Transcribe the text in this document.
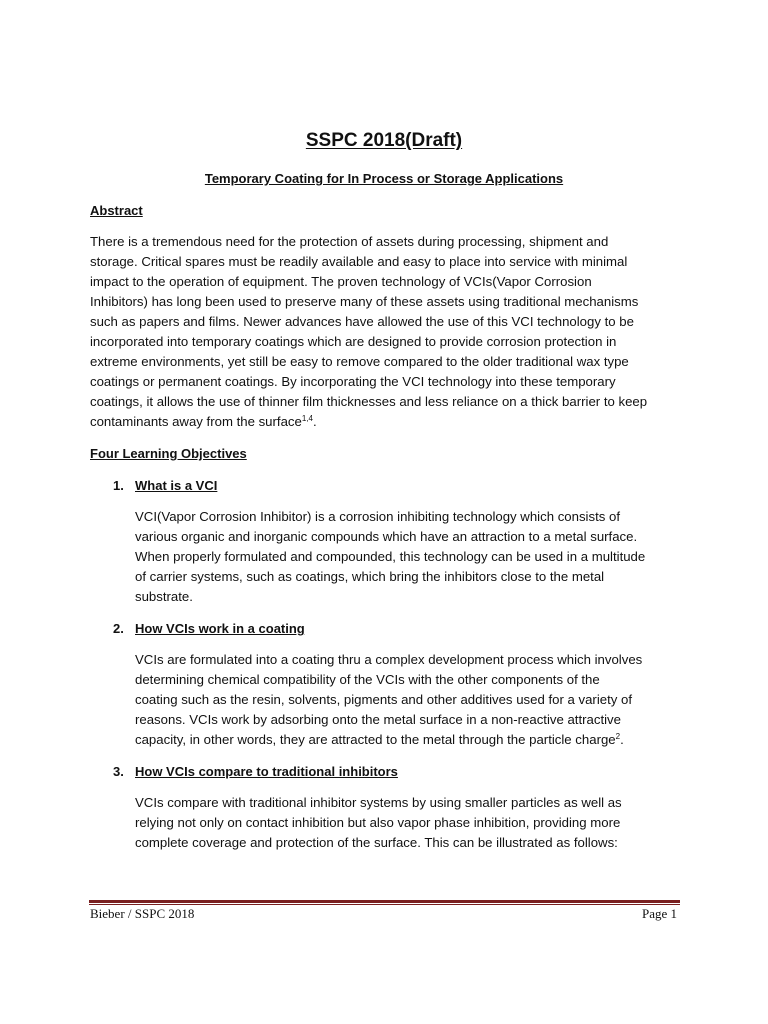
SSPC 2018(Draft)
Temporary Coating for In Process or Storage Applications
Abstract
There is a tremendous need for the protection of assets during processing, shipment and
storage. Critical spares must be readily available and easy to place into service with minimal
impact to the operation of equipment. The proven technology of VCIs(Vapor Corrosion
Inhibitors) has long been used to preserve many of these assets using traditional mechanisms
such as papers and films. Newer advances have allowed the use of this VCI technology to be
incorporated into temporary coatings which are designed to provide corrosion protection in
extreme environments, yet still be easy to remove compared to the older traditional wax type
coatings or permanent coatings. By incorporating the VCI technology into these temporary
coatings, it allows the use of thinner film thicknesses and less reliance on a thick barrier to keep
contaminants away from the surface$^{1,4}$.
Four Learning Objectives
1. What is a VCI
VCI(Vapor Corrosion Inhibitor) is a corrosion inhibiting technology which consists of
various organic and inorganic compounds which have an attraction to a metal surface.
When properly formulated and compounded, this technology can be used in a multitude
of carrier systems, such as coatings, which bring the inhibitors close to the metal
substrate.
2. How VCIs work in a coating
VCIs are formulated into a coating thru a complex development process which involves
determining chemical compatibility of the VCIs with the other components of the
coating such as the resin, solvents, pigments and other additives used for a variety of
reasons. VCIs work by adsorbing onto the metal surface in a non-reactive attractive
capacity, in other words, they are attracted to the metal through the particle charge$^2$.
3. How VCIs compare to traditional inhibitors
VCIs compare with traditional inhibitor systems by using smaller particles as well as
relying not only on contact inhibition but also vapor phase inhibition, providing more
complete coverage and protection of the surface. This can be illustrated as follows:
Bieber / SSPC 2018	Page 1
